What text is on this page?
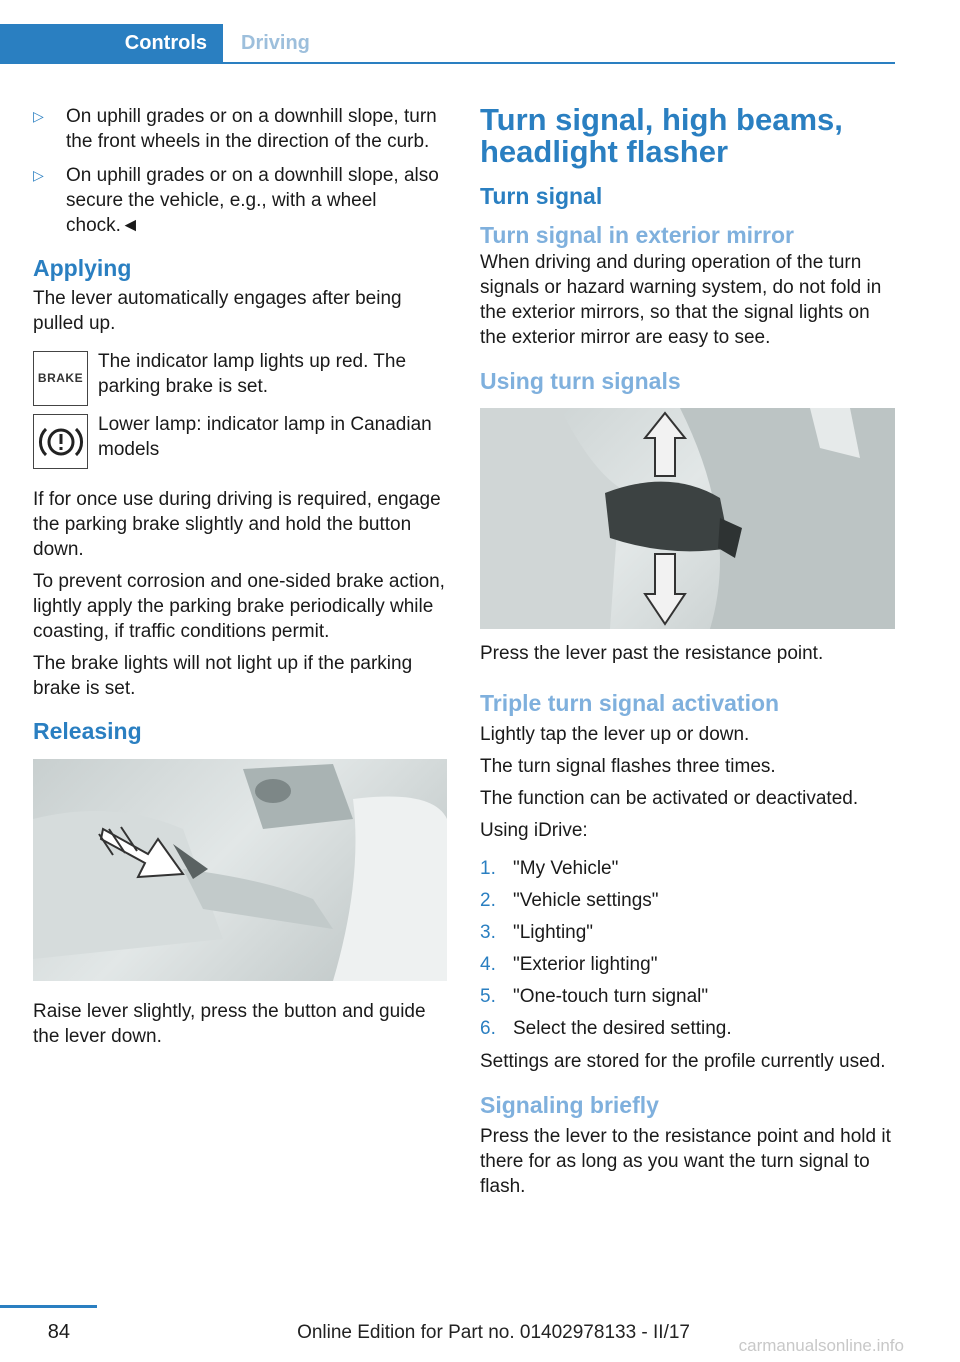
Controls	Driving
▷	On uphill grades or on a downhill slope, turn the front wheels in the direction of the curb.
▷	On uphill grades or on a downhill slope, also secure the vehicle, e.g., with a wheel chock.◄
Applying

The lever automatically engages after being pulled up.

BRAKE
The indicator lamp lights up red. The parking brake is set.
Lower lamp: indicator lamp in Canadian models

If for once use during driving is required, engage the parking brake slightly and hold the button down.

To prevent corrosion and one-sided brake action, lightly apply the parking brake periodically while coasting, if traffic conditions permit.

The brake lights will not light up if the parking brake is set.

Releasing

Raise lever slightly, press the button and guide the lever down.

Turn signal, high beams, headlight flasher
Turn signal
Turn signal in exterior mirror

When driving and during operation of the turn signals or hazard warning system, do not fold in the exterior mirrors, so that the signal lights on the exterior mirror are easy to see.

Using turn signals

Press the lever past the resistance point.

Triple turn signal activation

Lightly tap the lever up or down.

The turn signal flashes three times.

The function can be activated or deactivated.

Using iDrive:

1. "My Vehicle"
2. "Vehicle settings"
3. "Lighting"
4. "Exterior lighting"
5. "One-touch turn signal"
6. Select the desired setting.

Settings are stored for the profile currently used.

Signaling briefly

Press the lever to the resistance point and hold it there for as long as you want the turn signal to flash.

84	Online Edition for Part no. 01402978133 - II/17
carmanualsonline.info
